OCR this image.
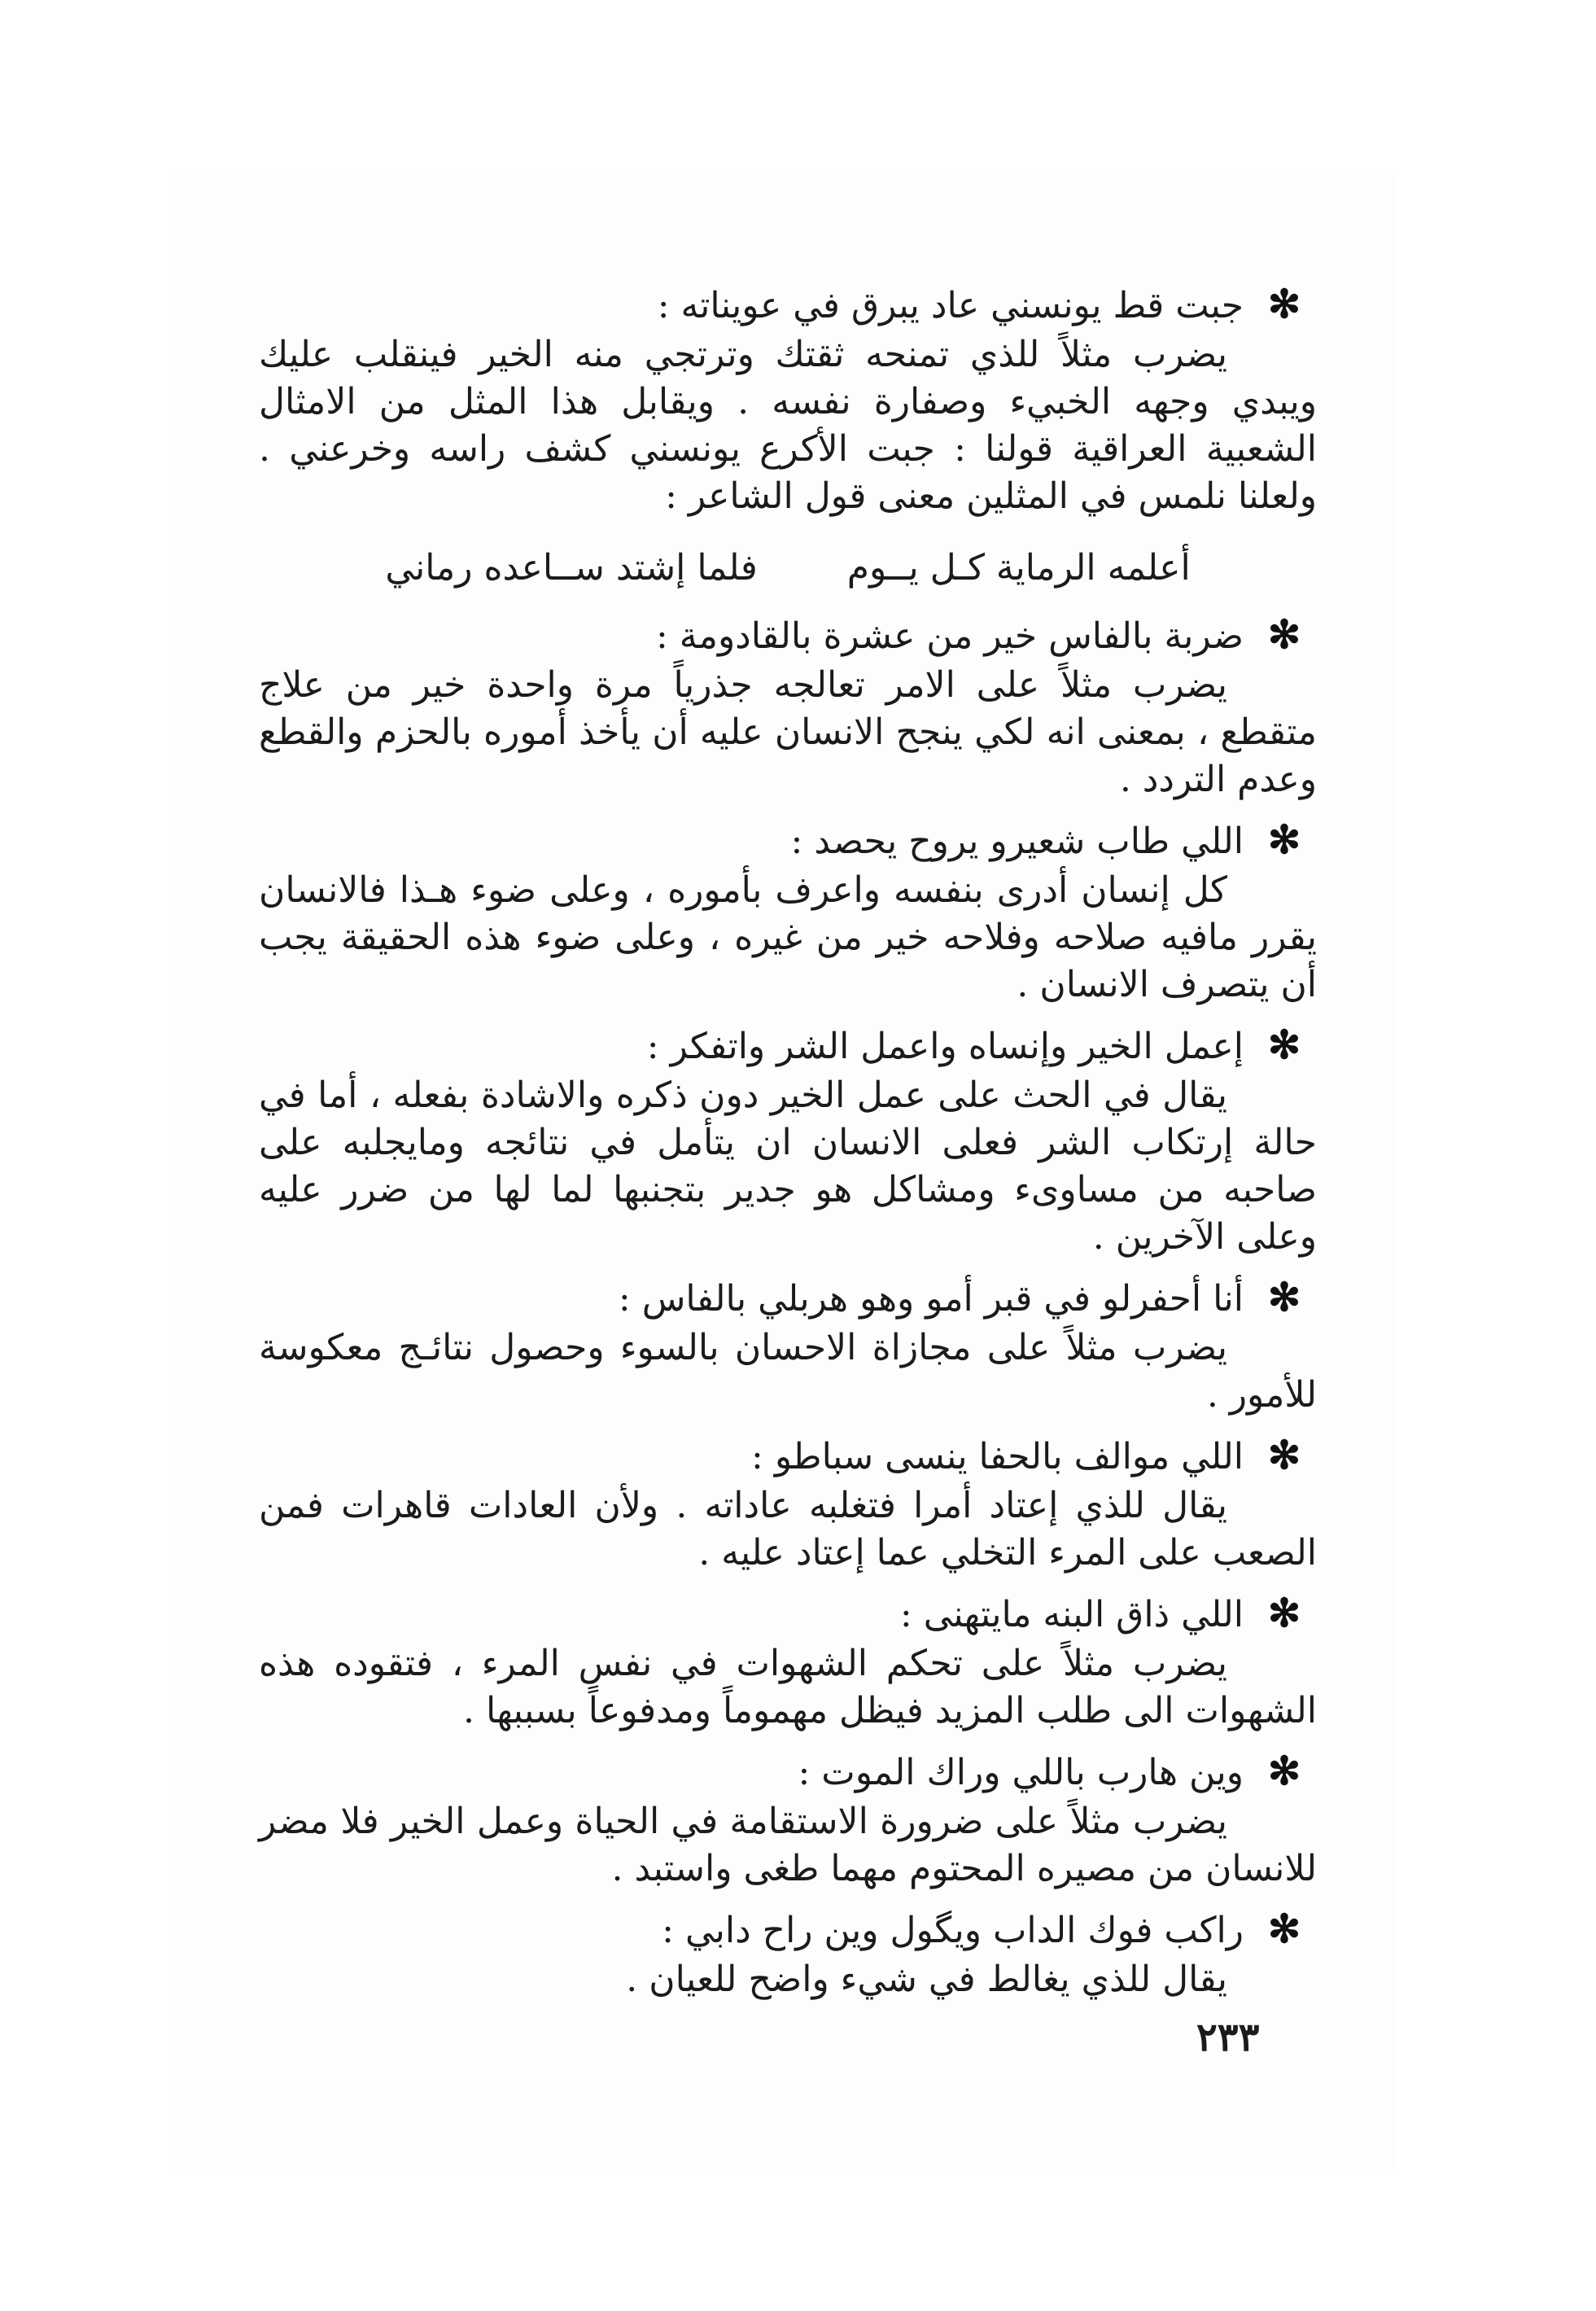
✻
جبت قط يونسني عاد يبرق في عويناته :

يضرب مثلاً للذي تمنحه ثقتك وترتجي منه الخير فينقلب عليك ويبدي وجهه الخبيء وصفارة نفسه . ويقابل هذا المثل من الامثال الشعبية العراقية قولنا : جبت الأكرع يونسني كشف راسه وخرعني . ولعلنا نلمس في المثلين معنى قول الشاعر :

أعلمه الرماية كـل يــوم
فلما إشتد ســاعده رماني
✻
ضربة بالفاس خير من عشرة بالقادومة :

يضرب مثلاً على الامر تعالجه جذرياً مرة واحدة خير من علاج متقطع ، بمعنى انه لكي ينجح الانسان عليه أن يأخذ أموره بالحزم والقطع وعدم التردد .

✻
اللي طاب شعيرو يروح يحصد :

كل إنسان أدرى بنفسه واعرف بأموره ، وعلى ضوء هـذا فالانسان يقرر مافيه صلاحه وفلاحه خير من غيره ، وعلى ضوء هذه الحقيقة يجب أن يتصرف الانسان .

✻
إعمل الخير وإنساه واعمل الشر واتفكر :

يقال في الحث على عمل الخير دون ذكره والاشادة بفعله ، أما في حالة إرتكاب الشر فعلى الانسان ان يتأمل في نتائجه ومايجلبه على صاحبه من مساوىء ومشاكل هو جدير بتجنبها لما لها من ضرر عليه وعلى الآخرين .

✻
أنا أحفرلو في قبر أمو وهو هربلي بالفاس :

يضرب مثلاً على مجازاة الاحسان بالسوء وحصول نتائـج معكوسة للأمور .

✻
اللي موالف بالحفا ينسى سباطو :

يقال للذي إعتاد أمرا فتغلبه عاداته . ولأن العادات قاهرات فمن الصعب على المرء التخلي عما إعتاد عليه .

✻
اللي ذاق البنه مايتهنى :

يضرب مثلاً على تحكم الشهوات في نفس المرء ، فتقوده هذه الشهوات الى طلب المزيد فيظل مهموماً ومدفوعاً بسببها .

✻
وين هارب باللي وراك الموت :

يضرب مثلاً على ضرورة الاستقامة في الحياة وعمل الخير فلا مضر للانسان من مصيره المحتوم مهما طغى واستبد .

✻
راكب فوك الداب ويگول وين راح دابي :

يقال للذي يغالط في شيء واضح للعيان .

٢٣٣
